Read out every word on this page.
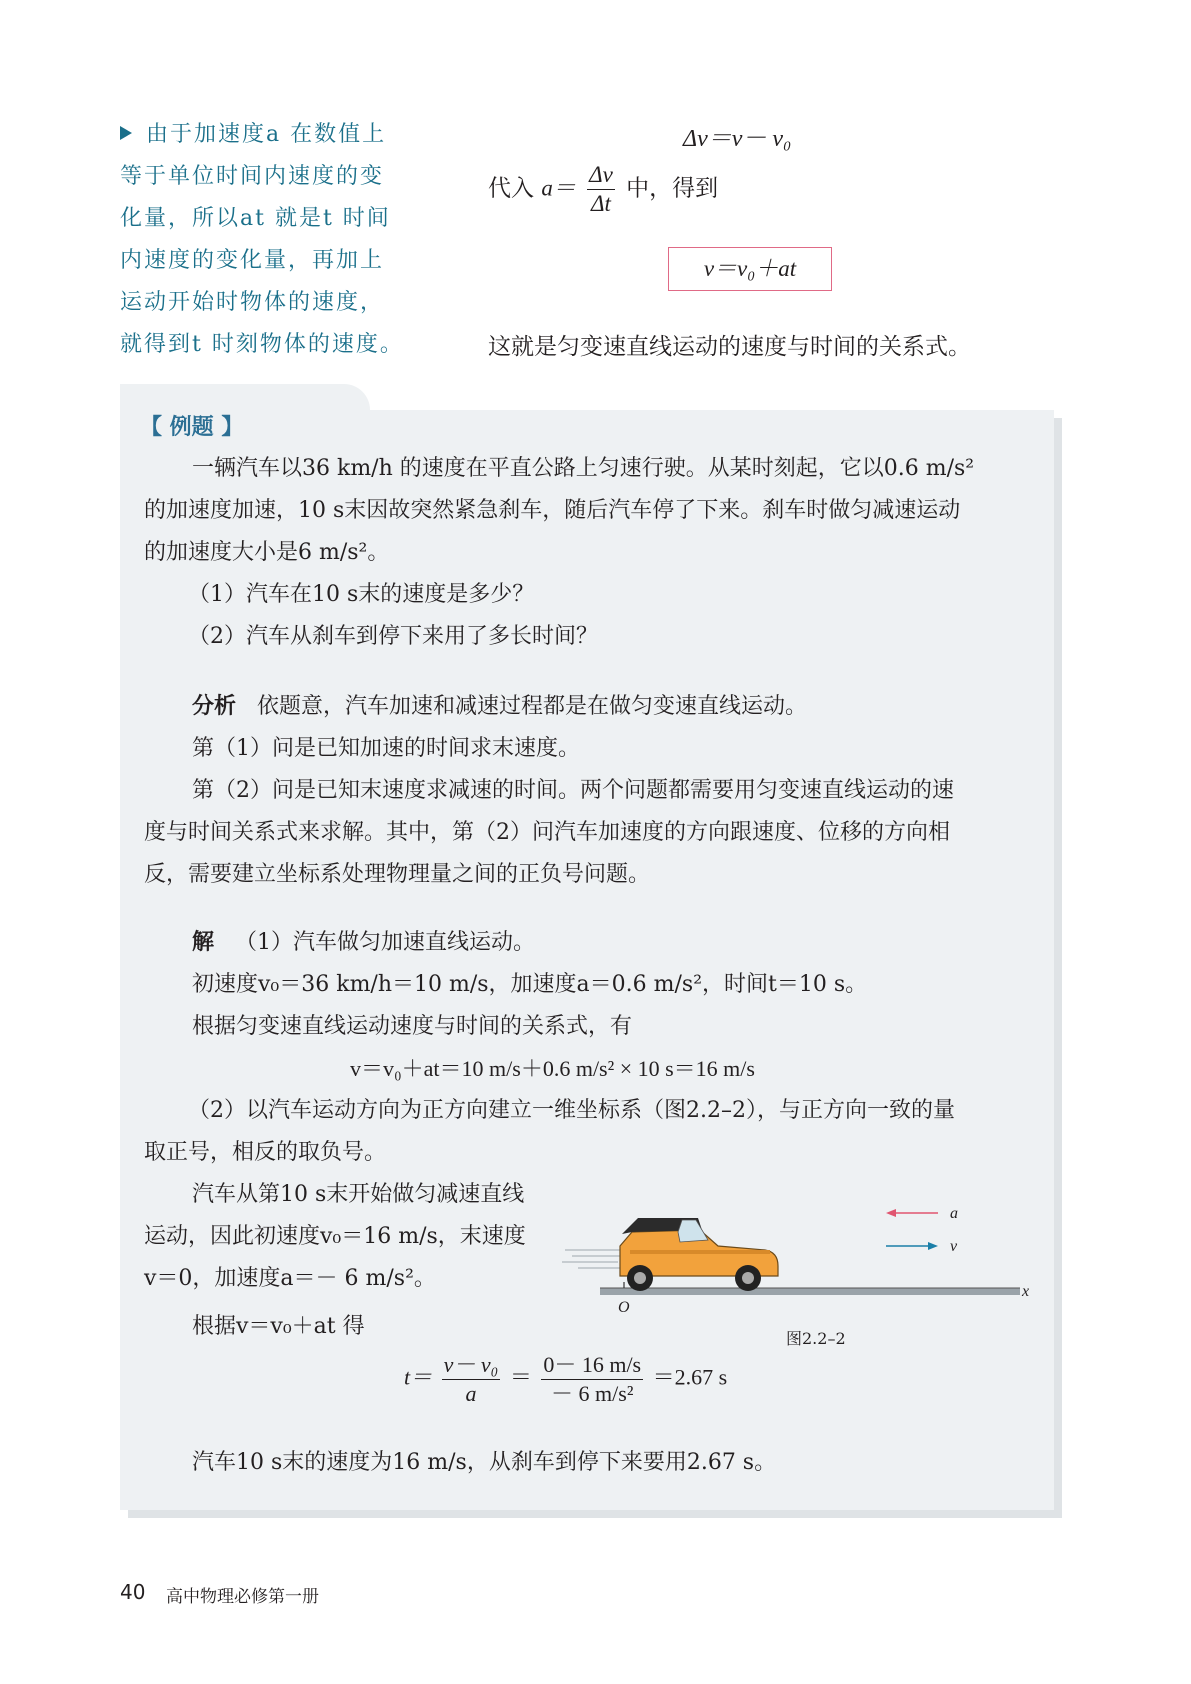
由于加速度a 在数值上
等于单位时间内速度的变
化量，所以at 就是t 时间
内速度的变化量，再加上
运动开始时物体的速度，
就得到t 时刻物体的速度。
Δv＝v－ v₀
代入 $a= \frac{\Delta v}{\Delta t}$ 中，得到
v＝v₀＋at
这就是匀变速直线运动的速度与时间的关系式。
【 例题 】
一辆汽车以36 km/h 的速度在平直公路上匀速行驶。从某时刻起，它以0.6 m/s²
的加速度加速，10 s末因故突然紧急刹车，随后汽车停了下来。刹车时做匀减速运动
的加速度大小是6 m/s²。
（1）汽车在10 s末的速度是多少？
（2）汽车从刹车到停下来用了多长时间？
分析 依题意，汽车加速和减速过程都是在做匀变速直线运动。
第（1）问是已知加速的时间求末速度。
第（2）问是已知末速度求减速的时间。两个问题都需要用匀变速直线运动的速
度与时间关系式来求解。其中，第（2）问汽车加速度的方向跟速度、位移的方向相
反，需要建立坐标系处理物理量之间的正负号问题。
解 （1）汽车做匀加速直线运动。
初速度v₀＝36 km/h＝10 m/s，加速度a＝0.6 m/s²，时间t＝10 s。
根据匀变速直线运动速度与时间的关系式，有
v＝v₀＋at＝10 m/s＋0.6 m/s² × 10 s＝16 m/s
（2）以汽车运动方向为正方向建立一维坐标系（图2.2–2），与正方向一致的量
取正号，相反的取负号。
汽车从第10 s末开始做匀减速直线
运动，因此初速度v₀＝16 m/s，末速度
v＝0，加速度a＝－ 6 m/s²。
根据v＝v₀＋at 得
a
v
x
O
图2.2–2
$t= \frac{\text{v－ v₀}}{a} = \frac{0- 16 m/s}{\text{－ 6 m/s²}} =2.67$ s
汽车10 s末的速度为16 m/s，从刹车到停下来要用2.67 s。
40 高中物理必修第一册
